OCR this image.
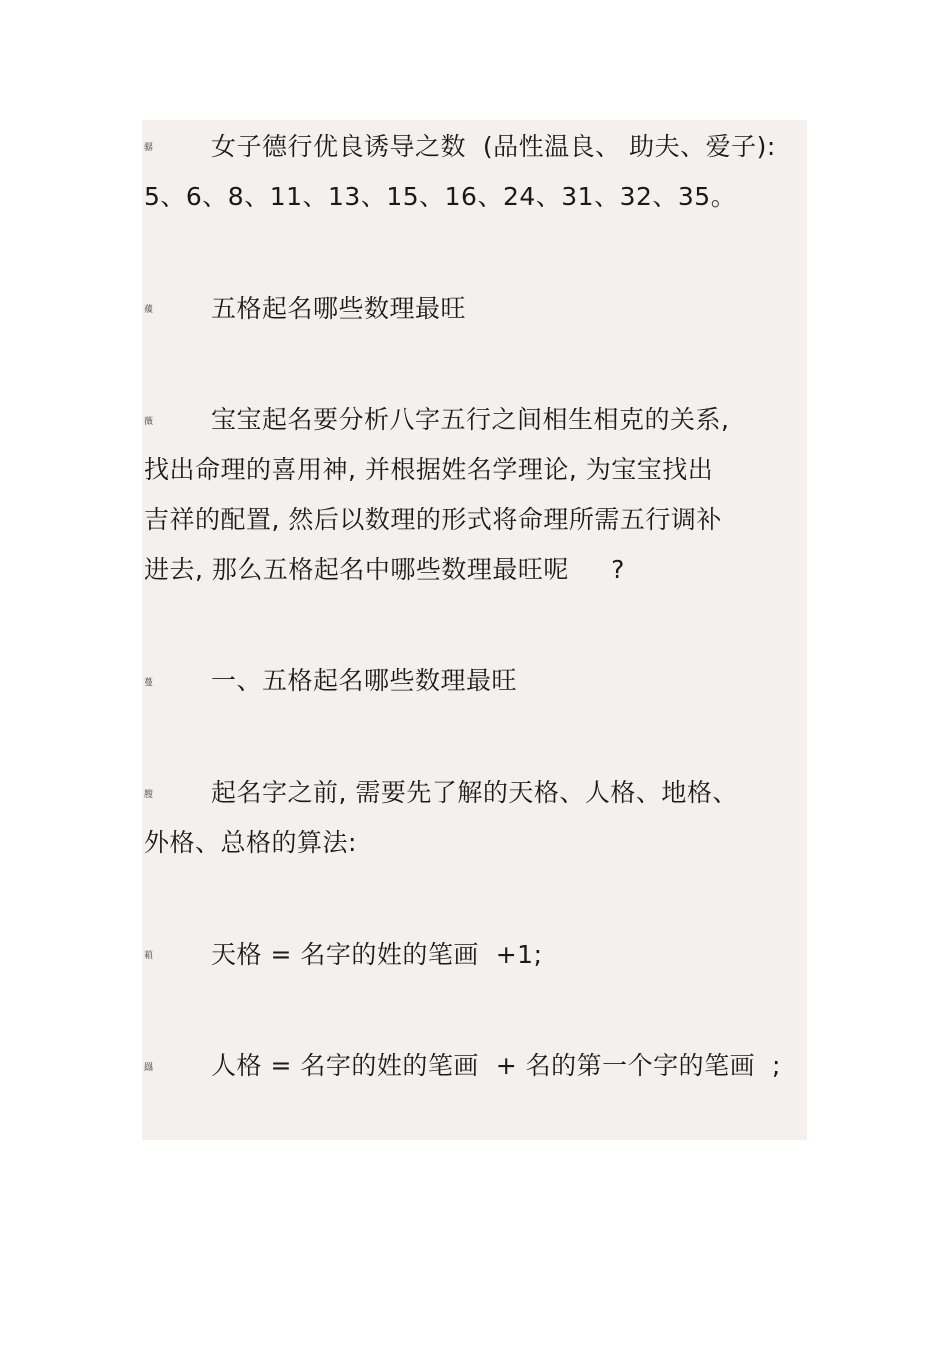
骣 女子德行优良诱导之数  (品性温良、 助夫、爱子):
5、6、8、11、13、15、16、24、31、32、35。
蕿 五格起名哪些数理最旺
薇 宝宝起名要分析八字五行之间相生相克的关系,
找出命理的喜用神, 并根据姓名学理论, 为宝宝找出
吉祥的配置, 然后以数理的形式将命理所需五行调补
进去, 那么五格起名中哪些数理最旺呢     ?
蔓 一、五格起名哪些数理最旺
膄 起名字之前, 需要先了解的天格、人格、地格、
外格、总格的算法:
蒩 天格 = 名字的姓的笔画  +1;
羉 人格 = 名字的姓的笔画  + 名的第一个字的笔画  ;
